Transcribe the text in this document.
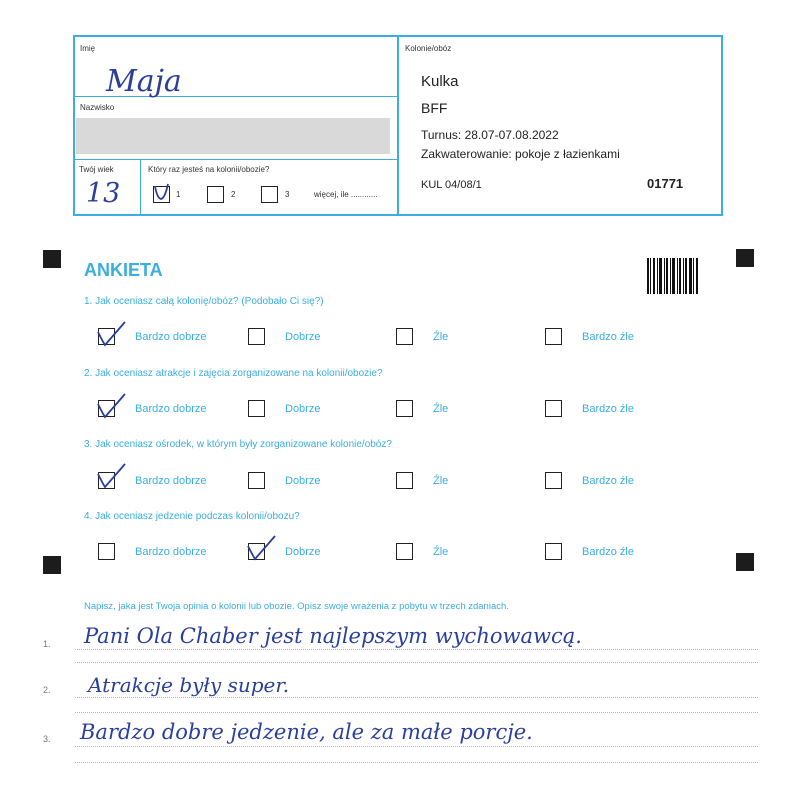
Imię
Maja
Nazwisko
Twój wiek
13
Który raz jesteś na kolonii/obozie?
1	2	3	więcej, ile ............
Kolonie/obóz
Kulka
BFF
Turnus: 28.07-07.08.2022
Zakwaterowanie: pokoje z łazienkami
KUL 04/08/1	01771
ANKIETA
1. Jak oceniasz całą kolonię/obóz? (Podobało Ci się?)
Bardzo dobrze	Dobrze	Źle	Bardzo źle
2. Jak oceniasz atrakcje i zajęcia zorganizowane na kolonii/obozie?
Bardzo dobrze	Dobrze	Źle	Bardzo źle
3. Jak oceniasz ośrodek, w którym były zorganizowane kolonie/obóz?
Bardzo dobrze	Dobrze	Źle	Bardzo źle
4. Jak oceniasz jedzenie podczas kolonii/obozu?
Bardzo dobrze	Dobrze	Źle	Bardzo źle
Napisz, jaka jest Twoja opinia o kolonii lub obozie. Opisz swoje wrażenia z pobytu w trzech zdaniach.
1. Pani Ola Chaber jest najlepszym wychowawcą.
2. Atrakcje były super.
3. Bardzo dobre jedzenie, ale za małe porcje.
